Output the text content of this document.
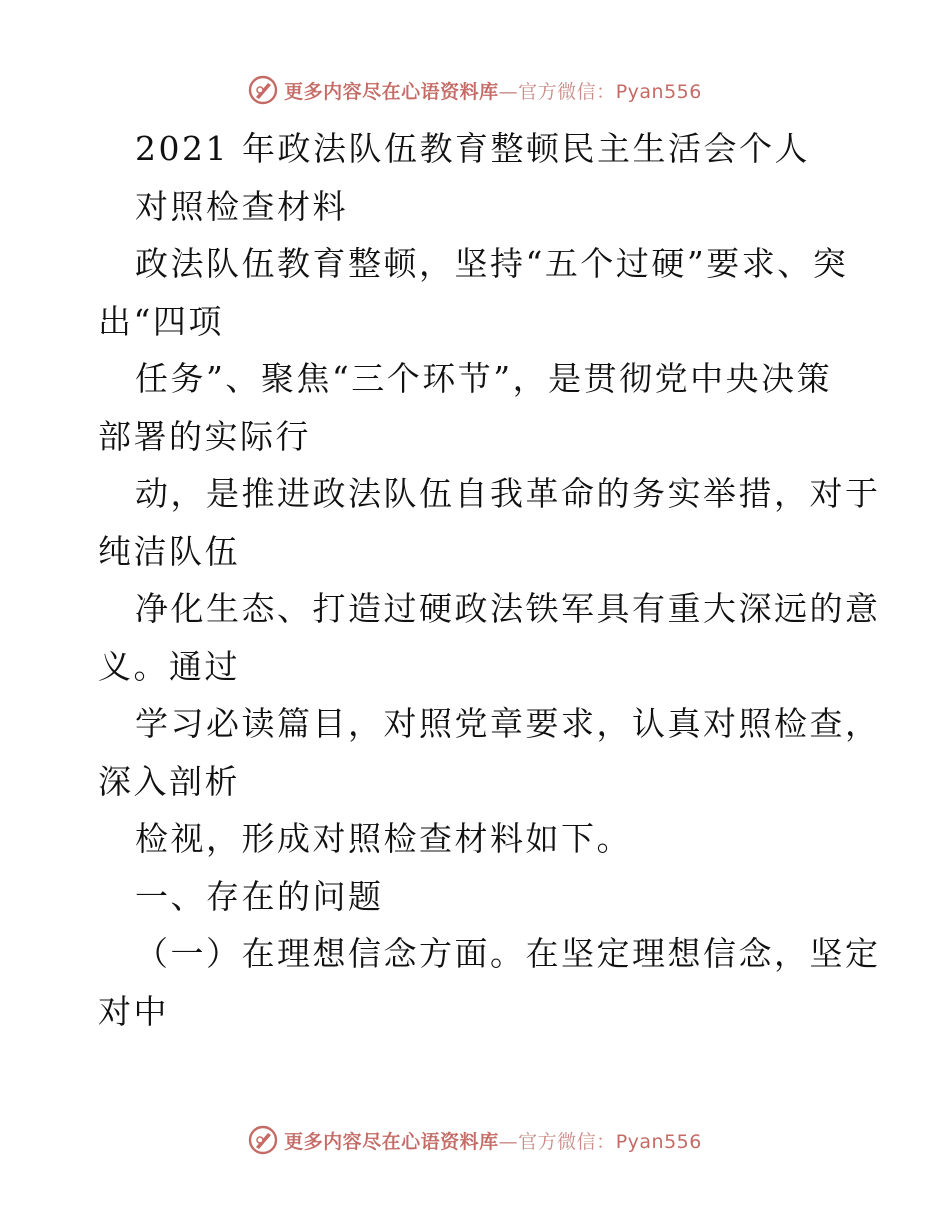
更多内容尽在心语资料库—官方微信：Pyan556
2021 年政法队伍教育整顿民主生活会个人
对照检查材料
政法队伍教育整顿，坚持“五个过硬”要求、突
出“四项
任务”、聚焦“三个环节”，是贯彻党中央决策
部署的实际行
动，是推进政法队伍自我革命的务实举措，对于
纯洁队伍
净化生态、打造过硬政法铁军具有重大深远的意
义。通过
学习必读篇目，对照党章要求，认真对照检查，
深入剖析
检视，形成对照检查材料如下。
一、存在的问题
（一）在理想信念方面。在坚定理想信念，坚定
对中
更多内容尽在心语资料库—官方微信：Pyan556
